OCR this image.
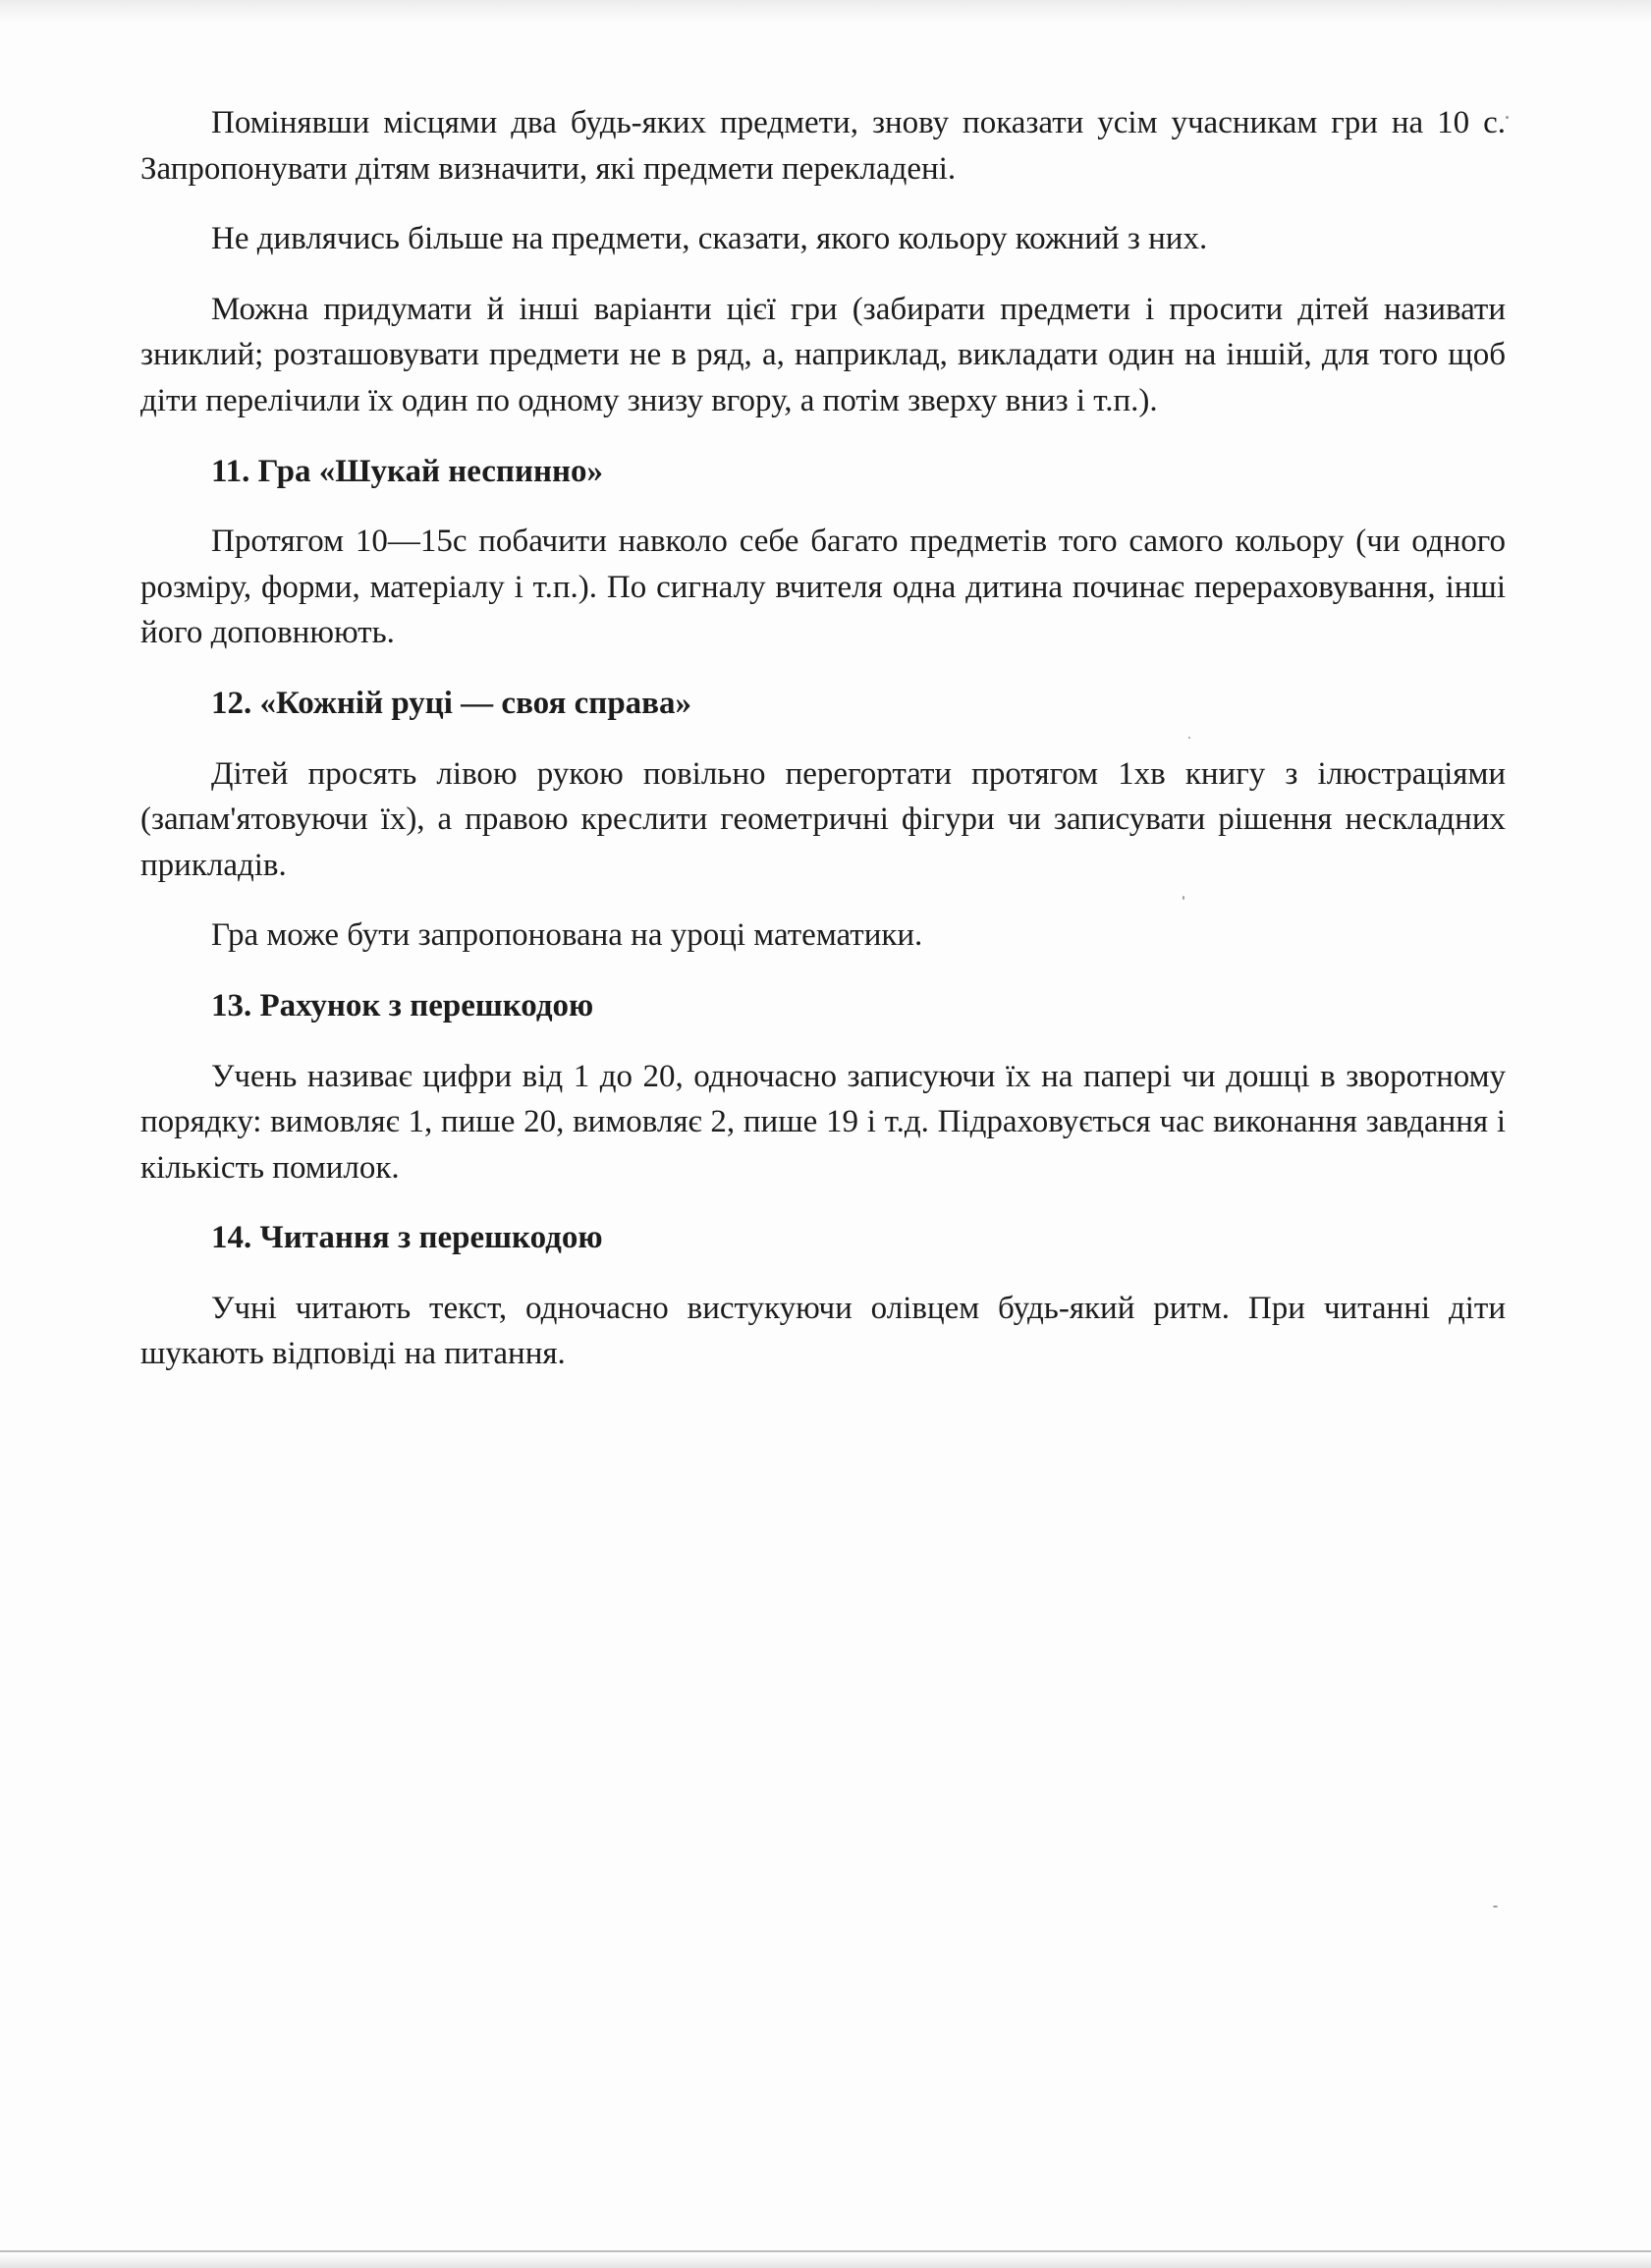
Помінявши місцями два будь-яких предмети, знову показати усім учасникам гри на 10 с. Запропонувати дітям визначити, які предмети перекладені.

Не дивлячись більше на предмети, сказати, якого кольору кожний з них.

Можна придумати й інші варіанти цієї гри (забирати предмети і просити дітей називати зниклий; розташовувати предмети не в ряд, а, наприклад, викладати один на іншій, для того щоб діти перелічили їх один по одному знизу вгору, а потім зверху вниз і т.п.).

11. Гра «Шукай неспинно»

Протягом 10—15с побачити навколо себе багато предметів того самого кольору (чи одного розміру, форми, матеріалу і т.п.). По сигналу вчителя одна дитина починає перераховування, інші його доповнюють.

12. «Кожній руці — своя справа»

Дітей просять лівою рукою повільно перегортати протягом 1хв книгу з ілюстраціями (запам'ятовуючи їх), а правою креслити геометричні фігури чи записувати рішення нескладних прикладів.

Гра може бути запропонована на уроці математики.

13. Рахунок з перешкодою

Учень називає цифри від 1 до 20, одночасно записуючи їх на папері чи дошці в зворотному порядку: вимовляє 1, пише 20, вимовляє 2, пише 19 і т.д. Підраховується час виконання завдання і кількість помилок.

14. Читання з перешкодою

Учні читають текст, одночасно вистукуючи олівцем будь-який ритм. При читанні діти шукають відповіді на питання.
